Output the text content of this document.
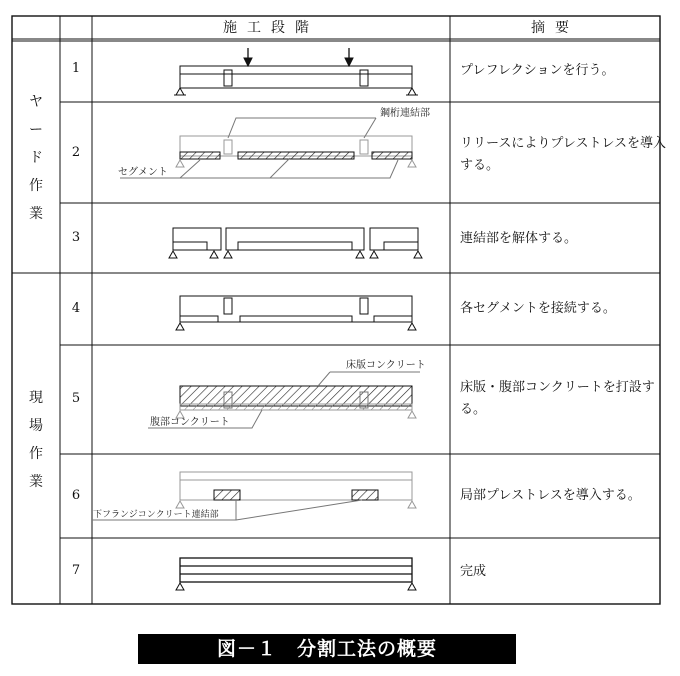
鋼桁連結部
セグメント
床版コンクリート
腹部コンクリート
下フランジコンクリート連結部
施工段階	摘要
ヤ
ー
ド
作
業
現
場
作
業
1
2
3
4
5
6
7
プレフレクションを行う。
リリースによりプレストレスを導入する。
連結部を解体する。
各セグメントを接続する。
床版・腹部コンクリートを打設する。
局部プレストレスを導入する。
完成
図－１　分割工法の概要
